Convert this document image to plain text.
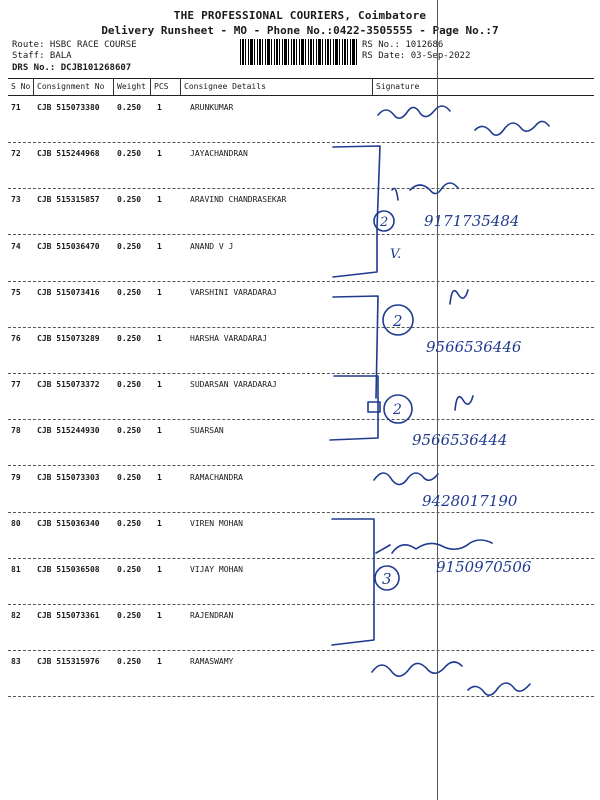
THE PROFESSIONAL COURIERS, Coimbatore
Delivery Runsheet - MO - Phone No.:0422-3505555 - Page No.:7
Route: HSBC RACE COURSE
Staff: BALA
DRS No.: DCJB101268607
RS No.: 1012686
RS Date: 03-Sep-2022
S No Consignment No Weight PCS Consignee Details	Signature
71 CJB 515073380 0.250 1	ARUNKUMAR
72 CJB 515244968 0.250 1	JAYACHANDRAN
73 CJB 515315857 0.250 1	ARAVIND CHANDRASEKAR
74 CJB 515036470 0.250 1	ANAND V J
75 CJB 515073416 0.250 1	VARSHINI VARADARAJ
76 CJB 515073289 0.250 1	HARSHA VARADARAJ
77 CJB 515073372 0.250 1	SUDARSAN VARADARAJ
78 CJB 515244930 0.250 1	SUARSAN
79 CJB 515073303 0.250 1	RAMACHANDRA
80 CJB 515036340 0.250 1	VIREN MOHAN
81 CJB 515036508 0.250 1	VIJAY MOHAN
82 CJB 515073361 0.250 1	RAJENDRAN
83 CJB 515315976 0.250 1	RAMASWAMY
9171735484
9566536446
9566536444
9428017190
9150970506
2
2
2
3
V.
